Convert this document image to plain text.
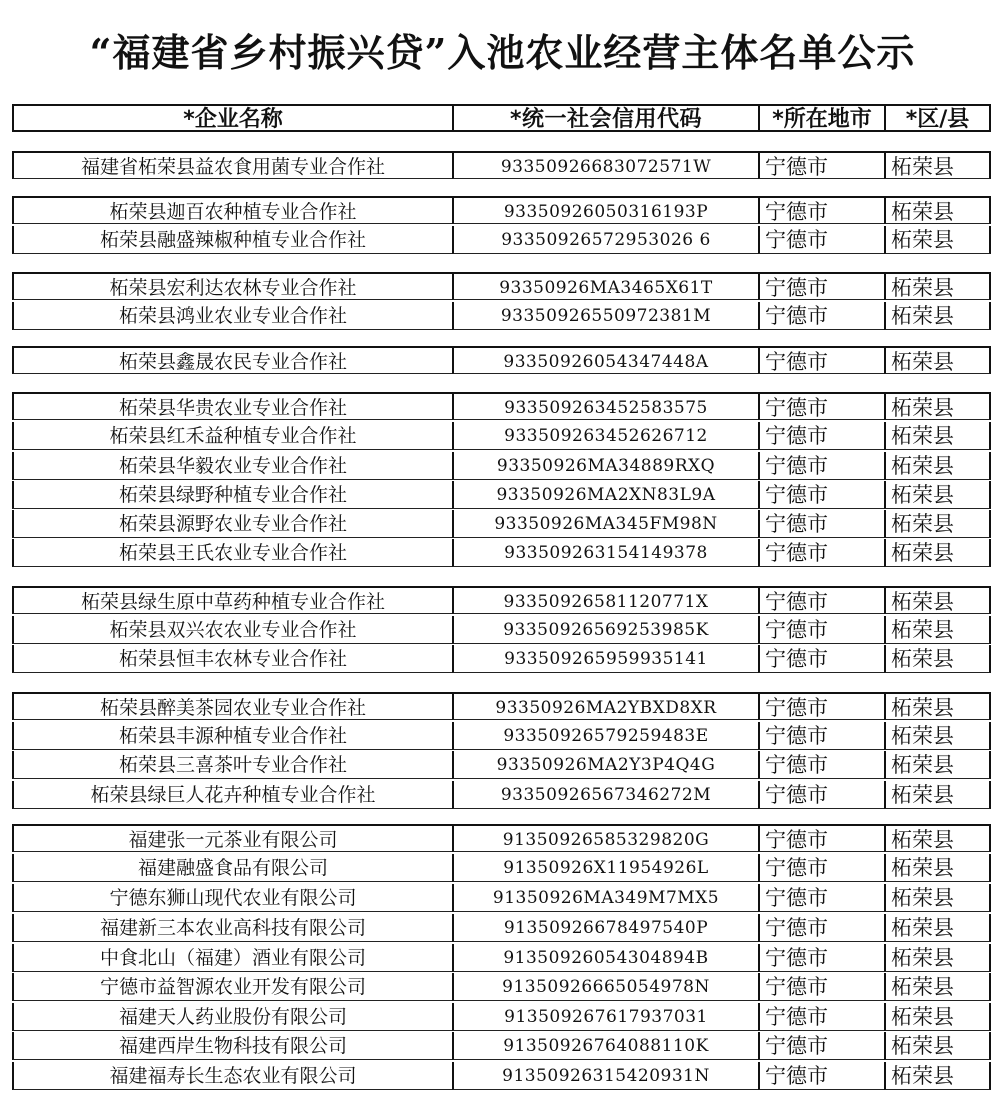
“福建省乡村振兴贷”入池农业经营主体名单公示
*企业名称	*统一社会信用代码	*所在地市	*区/县
福建省柘荣县益农食用菌专业合作社	93350926683072571W	宁德市	柘荣县
柘荣县迦百农种植专业合作社	93350926050316193P	宁德市	柘荣县
柘荣县融盛辣椒种植专业合作社	93350926572953026 6	宁德市	柘荣县
柘荣县宏利达农林专业合作社	93350926MA3465X61T	宁德市	柘荣县
柘荣县鸿业农业专业合作社	93350926550972381M	宁德市	柘荣县
柘荣县鑫晟农民专业合作社	93350926054347448A	宁德市	柘荣县
柘荣县华贵农业专业合作社	933509263452583575	宁德市	柘荣县
柘荣县红禾益种植专业合作社	933509263452626712	宁德市	柘荣县
柘荣县华毅农业专业合作社	93350926MA34889RXQ	宁德市	柘荣县
柘荣县绿野种植专业合作社	93350926MA2XN83L9A	宁德市	柘荣县
柘荣县源野农业专业合作社	93350926MA345FM98N	宁德市	柘荣县
柘荣县王氏农业专业合作社	933509263154149378	宁德市	柘荣县
柘荣县绿生原中草药种植专业合作社	93350926581120771X	宁德市	柘荣县
柘荣县双兴农农业专业合作社	93350926569253985K	宁德市	柘荣县
柘荣县恒丰农林专业合作社	933509265959935141	宁德市	柘荣县
柘荣县醉美茶园农业专业合作社	93350926MA2YBXD8XR	宁德市	柘荣县
柘荣县丰源种植专业合作社	93350926579259483E	宁德市	柘荣县
柘荣县三喜茶叶专业合作社	93350926MA2Y3P4Q4G	宁德市	柘荣县
柘荣县绿巨人花卉种植专业合作社	93350926567346272M	宁德市	柘荣县
福建张一元茶业有限公司	91350926585329820G	宁德市	柘荣县
福建融盛食品有限公司	91350926X11954926L	宁德市	柘荣县
宁德东狮山现代农业有限公司	91350926MA349M7MX5	宁德市	柘荣县
福建新三本农业高科技有限公司	91350926678497540P	宁德市	柘荣县
中食北山（福建）酒业有限公司	91350926054304894B	宁德市	柘荣县
宁德市益智源农业开发有限公司	91350926665054978N	宁德市	柘荣县
福建天人药业股份有限公司	913509267617937031	宁德市	柘荣县
福建西岸生物科技有限公司	91350926764088110K	宁德市	柘荣县
福建福寿长生态农业有限公司	91350926315420931N	宁德市	柘荣县
